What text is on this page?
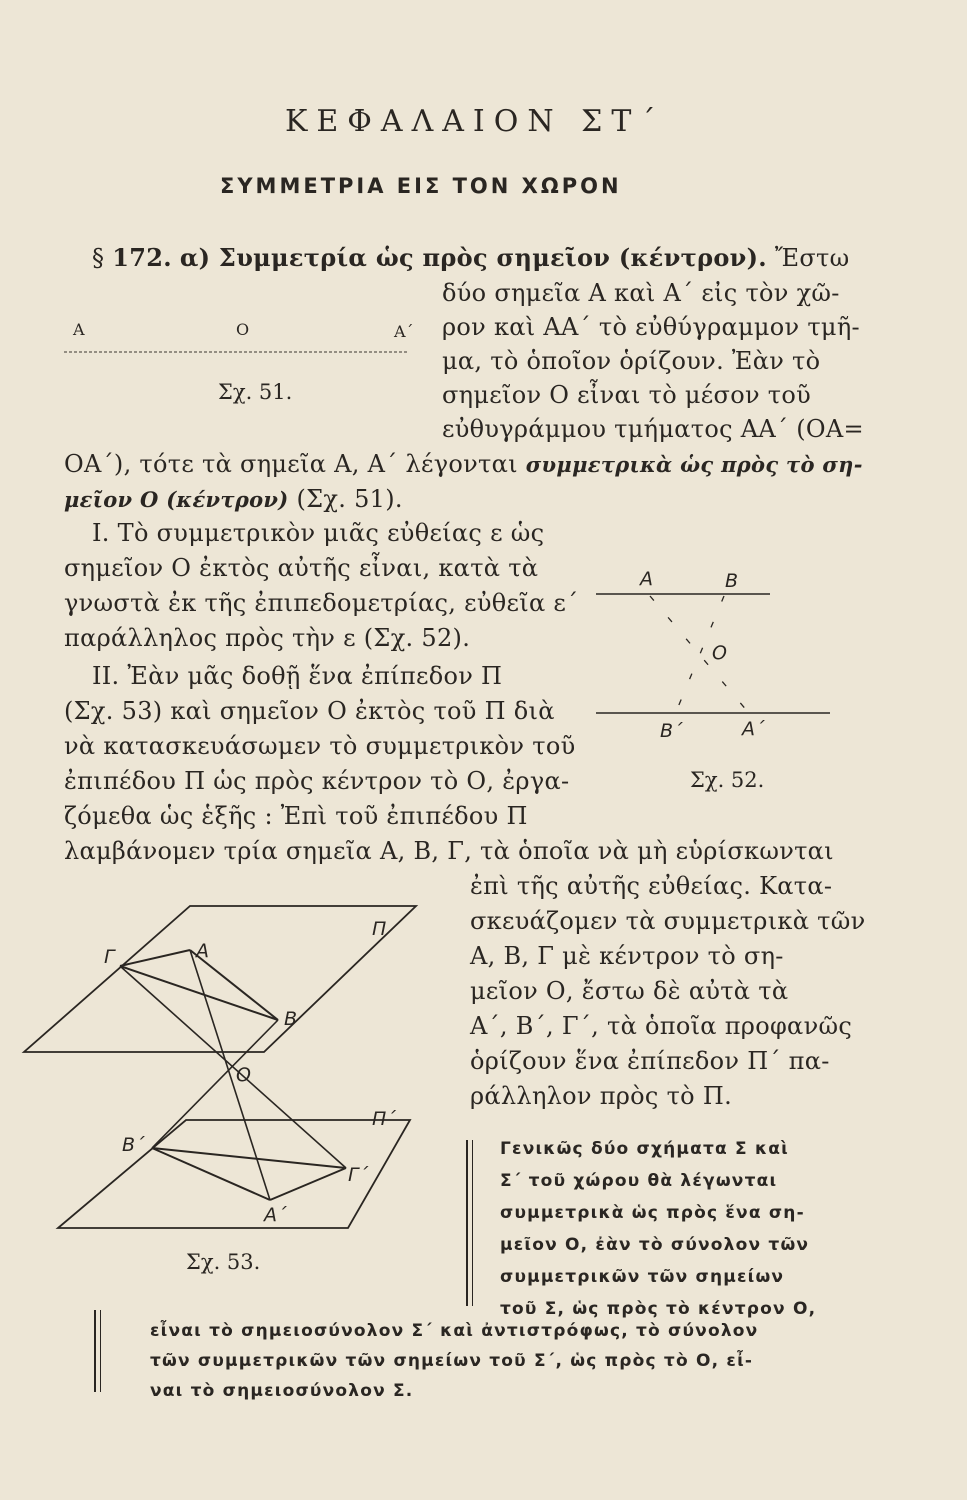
ΚΕΦΑΛΑΙΟΝ ΣΤ΄
ΣΥΜΜΕΤΡΙΑ ΕΙΣ ΤΟΝ ΧΩΡΟΝ
§ 172. α) Συμμετρία ὡς πρὸς σημεῖον (κέντρον). Ἔστω
δύο σημεῖα Α καὶ Α΄ εἰς τὸν χῶ-
ρον καὶ ΑΑ΄ τὸ εὐθύγραμμον τμῆ-
μα, τὸ ὁποῖον ὁρίζουν. Ἐὰν τὸ
σημεῖον Ο εἶναι τὸ μέσον τοῦ
εὐθυγράμμου τμήματος ΑΑ΄ (ΟΑ=
Α	Ο	Α΄
Σχ. 51.
ΟΑ΄), τότε τὰ σημεῖα Α, Α΄ λέγονται συμμετρικὰ ὡς πρὸς τὸ ση-
μεῖον Ο (κέντρον) (Σχ. 51).
Ι. Τὸ συμμετρικὸν μιᾶς εὐθείας ε ὡς
σημεῖον Ο ἐκτὸς αὐτῆς εἶναι, κατὰ τὰ
γνωστὰ ἐκ τῆς ἐπιπεδομετρίας, εὐθεῖα ε΄
παράλληλος πρὸς τὴν ε (Σχ. 52).
ΙΙ. Ἐὰν μᾶς δοθῇ ἕνα ἐπίπεδον Π
(Σχ. 53) καὶ σημεῖον Ο ἐκτὸς τοῦ Π διὰ
νὰ κατασκευάσωμεν τὸ συμμετρικὸν τοῦ
ἐπιπέδου Π ὡς πρὸς κέντρον τὸ Ο, ἐργα-
ζόμεθα ὡς ἑξῆς : Ἐπὶ τοῦ ἐπιπέδου Π
λαμβάνομεν τρία σημεῖα Α, Β, Γ, τὰ ὁποῖα νὰ μὴ εὑρίσκωνται
Α	Β
Ο
Β΄	Α΄
Σχ. 52.
ἐπὶ τῆς αὐτῆς εὐθείας. Κατα-
σκευάζομεν τὰ συμμετρικὰ τῶν
Α, Β, Γ μὲ κέντρον τὸ ση-
μεῖον Ο, ἔστω δὲ αὐτὰ τὰ
Α΄, Β΄, Γ΄, τὰ ὁποῖα προφανῶς
ὁρίζουν ἕνα ἐπίπεδον Π΄ πα-
ράλληλον πρὸς τὸ Π.
Γ	Α
Β
Π
Ο
Π΄
Β΄
Γ΄
Α΄
Σχ. 53.
Γενικῶς δύο σχήματα Σ καὶ
Σ΄ τοῦ χώρου θὰ λέγωνται
συμμετρικὰ ὡς πρὸς ἕνα ση-
μεῖον Ο, ἐὰν τὸ σύνολον τῶν
συμμετρικῶν τῶν σημείων
τοῦ Σ, ὡς πρὸς τὸ κέντρον Ο,
εἶναι τὸ σημειοσύνολον Σ΄ καὶ ἀντιστρόφως, τὸ σύνολον
τῶν συμμετρικῶν τῶν σημείων τοῦ Σ΄, ὡς πρὸς τὸ Ο, εἶ-
ναι τὸ σημειοσύνολον Σ.
